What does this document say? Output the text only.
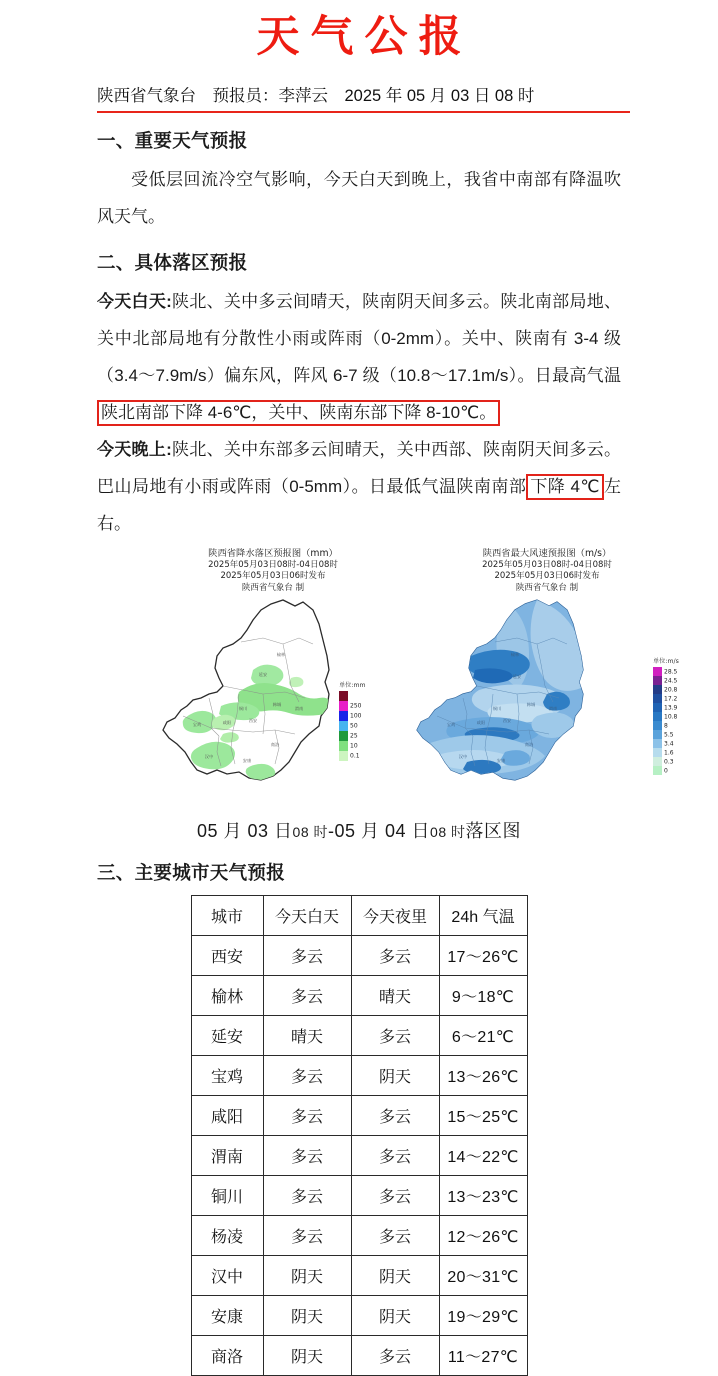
天气公报
陕西省气象台　预报员：李萍云　2025 年 05 月 03 日 08 时
一、重要天气预报

受低层回流冷空气影响，今天白天到晚上，我省中南部有降温吹风天气。

二、具体落区预报

今天白天:陕北、关中多云间晴天，陕南阴天间多云。陕北南部局地、关中北部局地有分散性小雨或阵雨（0-2mm）。关中、陕南有 3-4 级（3.4～7.9m/s）偏东风，阵风 6-7 级（10.8～17.1m/s）。日最高气温陕北南部下降 4-6℃，关中、陕南东部下降 8-10℃。

今天晚上:陕北、关中东部多云间晴天，关中西部、陕南阴天间多云。巴山局地有小雨或阵雨（0-5mm）。日最低气温陕南南部 下降 4℃ 左右。

陕西省降水落区预报图（mm）
2025年05月03日08时-04日08时
2025年05月03日06时发布
陕西省气象台 制
榆林
延安
铜川
韩城
渭南
宝鸡	咸阳	西安
商洛
汉中
安康
单位:mm
250
100
50
25
10
0.1
陕西省最大风速预报图（m/s）
2025年05月03日08时-04日08时
2025年05月03日06时发布
陕西省气象台 制
榆林
延安
铜川
韩城
渭南
宝鸡	咸阳	西安
商洛
汉中
安康
单位:m/s
28.5
24.5
20.8
17.2
13.9
10.8
8
5.5
3.4
1.6
0.3
0
05 月 03 日08 时-05 月 04 日08 时落区图
三、主要城市天气预报
城市	今天白天	今天夜里	24h 气温
西安	多云	多云	17～26℃
榆林	多云	晴天	9～18℃
延安	晴天	多云	6～21℃
宝鸡	多云	阴天	13～26℃
咸阳	多云	多云	15～25℃
渭南	多云	多云	14～22℃
铜川	多云	多云	13～23℃
杨凌	多云	多云	12～26℃
汉中	阴天	阴天	20～31℃
安康	阴天	阴天	19～29℃
商洛	阴天	多云	11～27℃
